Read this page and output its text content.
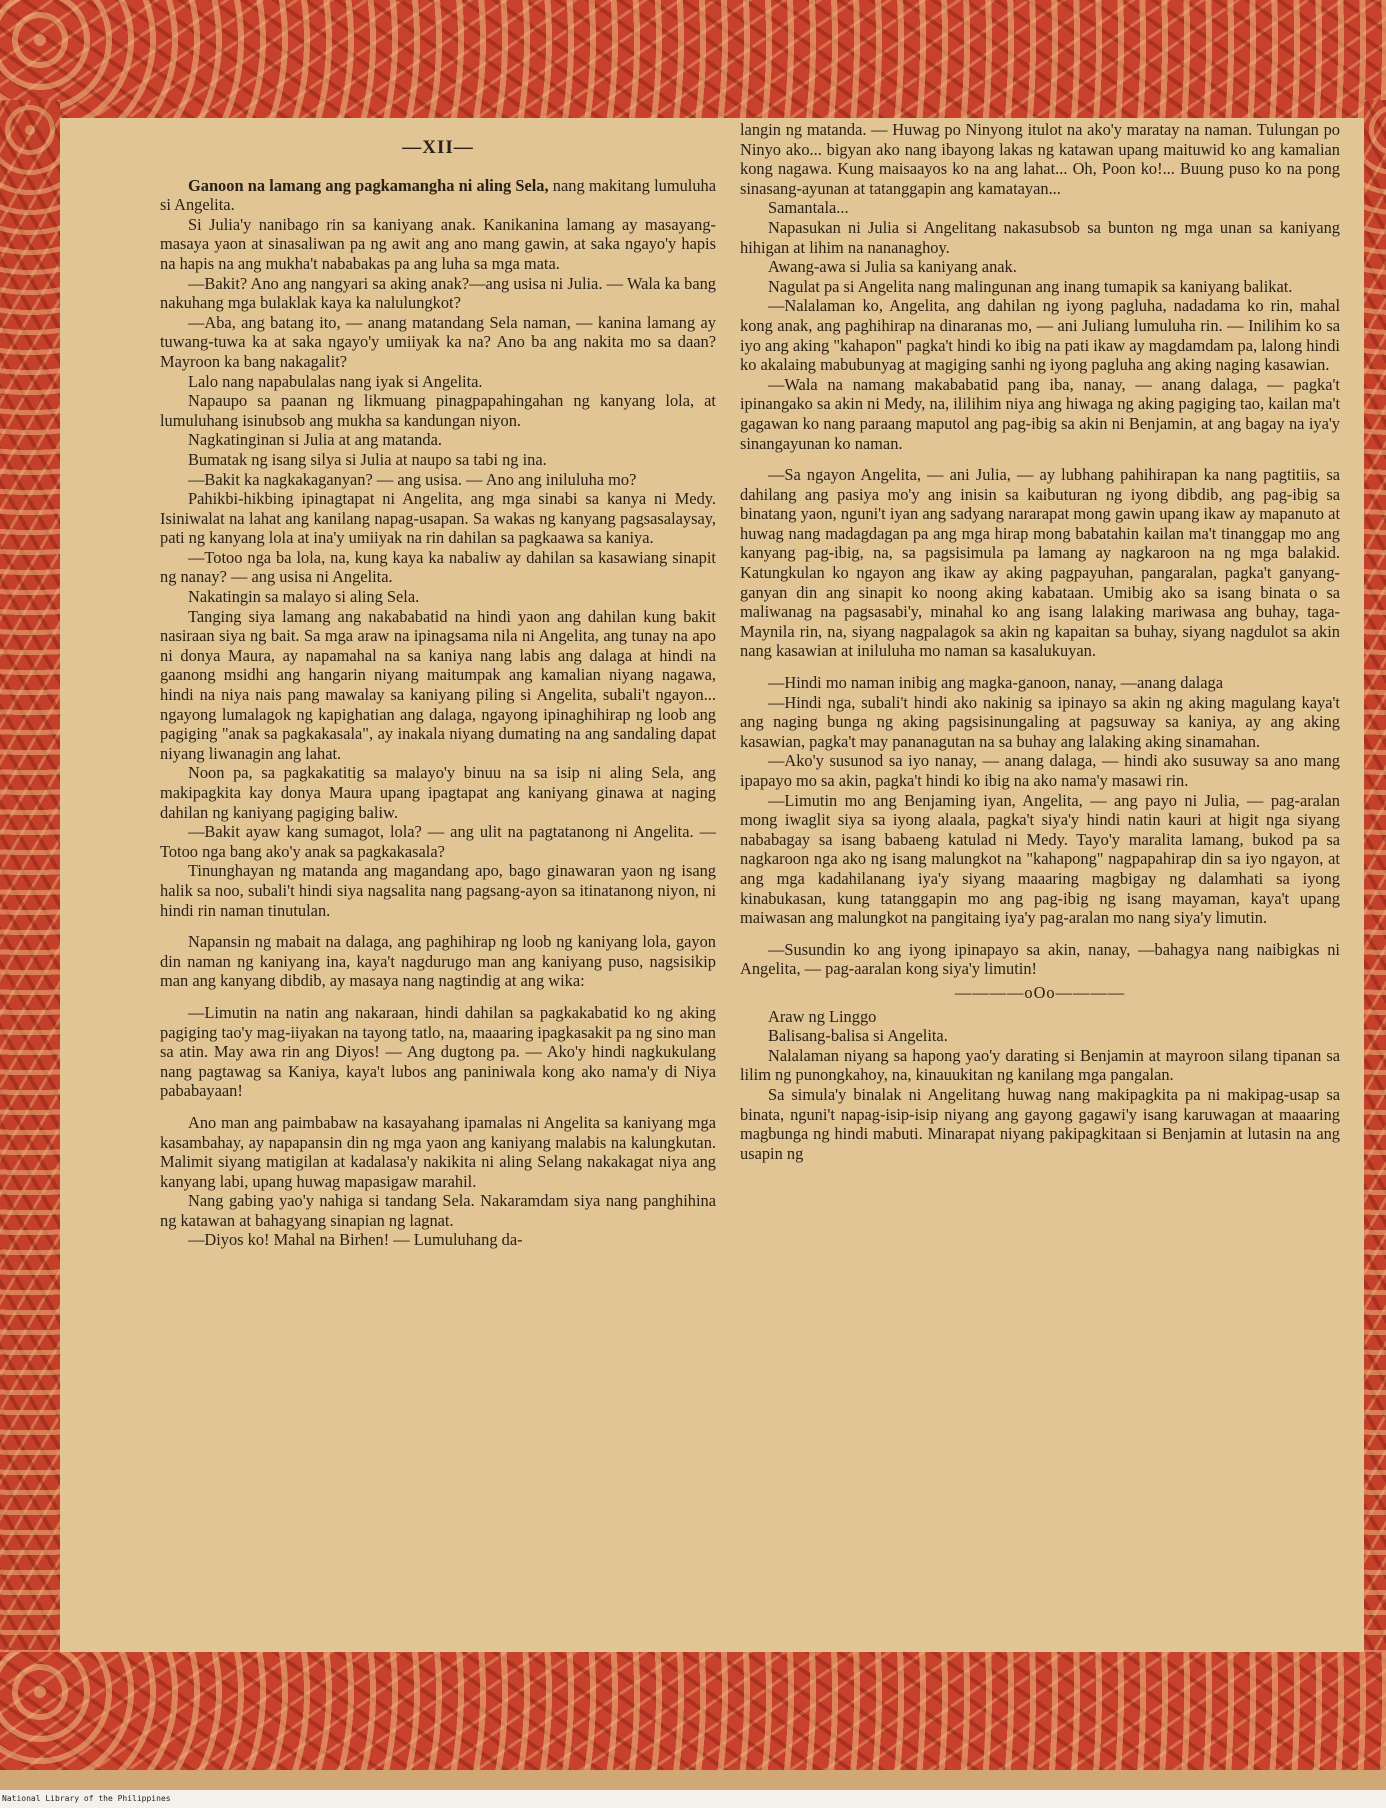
—XII—

Ganoon na lamang ang pagkamangha ni aling Sela, nang makitang lumuluha si Angelita.

Si Julia'y nanibago rin sa kaniyang anak. Kanikanina lamang ay masayang-masaya yaon at sinasaliwan pa ng awit ang ano mang gawin, at saka ngayo'y hapis na hapis na ang mukha't nababakas pa ang luha sa mga mata.

—Bakit? Ano ang nangyari sa aking anak?—ang usisa ni Julia. — Wala ka bang nakuhang mga bulaklak kaya ka nalulungkot?

—Aba, ang batang ito, — anang matandang Sela naman, — kanina lamang ay tuwang-tuwa ka at saka ngayo'y umiiyak ka na? Ano ba ang nakita mo sa daan? Mayroon ka bang nakagalit?

Lalo nang napabulalas nang iyak si Angelita.

Napaupo sa paanan ng likmuang pinagpapahingahan ng kanyang lola, at lumuluhang isinubsob ang mukha sa kandungan niyon.

Nagkatinginan si Julia at ang matanda.

Bumatak ng isang silya si Julia at naupo sa tabi ng ina.

—Bakit ka nagkakaganyan? — ang usisa. — Ano ang iniluluha mo?

Pahikbi-hikbing ipinagtapat ni Angelita, ang mga sinabi sa kanya ni Medy. Isiniwalat na lahat ang kanilang napag-usapan. Sa wakas ng kanyang pagsasalaysay, pati ng kanyang lola at ina'y umiiyak na rin dahilan sa pagkaawa sa kaniya.

—Totoo nga ba lola, na, kung kaya ka nabaliw ay dahilan sa kasawiang sinapit ng nanay? — ang usisa ni Angelita.

Nakatingin sa malayo si aling Sela.

Tanging siya lamang ang nakababatid na hindi yaon ang dahilan kung bakit nasiraan siya ng bait. Sa mga araw na ipinagsama nila ni Angelita, ang tunay na apo ni donya Maura, ay napamahal na sa kaniya nang labis ang dalaga at hindi na gaanong msidhi ang hangarin niyang maitumpak ang kamalian niyang nagawa, hindi na niya nais pang mawalay sa kaniyang piling si Angelita, subali't ngayon... ngayong lumalagok ng kapighatian ang dalaga, ngayong ipinaghihirap ng loob ang pagiging "anak sa pagkakasala", ay inakala niyang dumating na ang sandaling dapat niyang liwanagin ang lahat.

Noon pa, sa pagkakatitig sa malayo'y binuu na sa isip ni aling Sela, ang makipagkita kay donya Maura upang ipagtapat ang kaniyang ginawa at naging dahilan ng kaniyang pagiging baliw.

—Bakit ayaw kang sumagot, lola? — ang ulit na pagtatanong ni Angelita. — Totoo nga bang ako'y anak sa pagkakasala?

Tinunghayan ng matanda ang magandang apo, bago ginawaran yaon ng isang halik sa noo, subali't hindi siya nagsalita nang pagsang-ayon sa itinatanong niyon, ni hindi rin naman tinutulan.

Napansin ng mabait na dalaga, ang paghihirap ng loob ng kaniyang lola, gayon din naman ng kaniyang ina, kaya't nagdurugo man ang kaniyang puso, nagsisikip man ang kanyang dibdib, ay masaya nang nagtindig at ang wika:

—Limutin na natin ang nakaraan, hindi dahilan sa pagkakabatid ko ng aking pagiging tao'y mag-iiyakan na tayong tatlo, na, maaaring ipagkasakit pa ng sino man sa atin. May awa rin ang Diyos! — Ang dugtong pa. — Ako'y hindi nagkukulang nang pagtawag sa Kaniya, kaya't lubos ang paniniwala kong ako nama'y di Niya pababayaan!

Ano man ang paimbabaw na kasayahang ipamalas ni Angelita sa kaniyang mga kasambahay, ay napapansin din ng mga yaon ang kaniyang malabis na kalungkutan. Malimit siyang matigilan at kadalasa'y nakikita ni aling Selang nakakagat niya ang kanyang labi, upang huwag mapasigaw marahil.

Nang gabing yao'y nahiga si tandang Sela. Nakaramdam siya nang panghihina ng katawan at bahagyang sinapian ng lagnat.

—Diyos ko! Mahal na Birhen! — Lumuluhang da-

langin ng matanda. — Huwag po Ninyong itulot na ako'y maratay na naman. Tulungan po Ninyo ako... bigyan ako nang ibayong lakas ng katawan upang maituwid ko ang kamalian kong nagawa. Kung maisaayos ko na ang lahat... Oh, Poon ko!... Buung puso ko na pong sinasang-ayunan at tatanggapin ang kamatayan...

Samantala...

Napasukan ni Julia si Angelitang nakasubsob sa bunton ng mga unan sa kaniyang hihigan at lihim na nananaghoy.

Awang-awa si Julia sa kaniyang anak.

Nagulat pa si Angelita nang malingunan ang inang tumapik sa kaniyang balikat.

—Nalalaman ko, Angelita, ang dahilan ng iyong pagluha, nadadama ko rin, mahal kong anak, ang paghihirap na dinaranas mo, — ani Juliang lumuluha rin. — Inilihim ko sa iyo ang aking "kahapon" pagka't hindi ko ibig na pati ikaw ay magdamdam pa, lalong hindi ko akalaing mabubunyag at magiging sanhi ng iyong pagluha ang aking naging kasawian.

—Wala na namang makababatid pang iba, nanay, — anang dalaga, — pagka't ipinangako sa akin ni Medy, na, ililihim niya ang hiwaga ng aking pagiging tao, kailan ma't gagawan ko nang paraang maputol ang pag-ibig sa akin ni Benjamin, at ang bagay na iya'y sinangayunan ko naman.

—Sa ngayon Angelita, — ani Julia, — ay lubhang pahihirapan ka nang pagtitiis, sa dahilang ang pasiya mo'y ang inisin sa kaibuturan ng iyong dibdib, ang pag-ibig sa binatang yaon, nguni't iyan ang sadyang nararapat mong gawin upang ikaw ay mapanuto at huwag nang madagdagan pa ang mga hirap mong babatahin kailan ma't tinanggap mo ang kanyang pag-ibig, na, sa pagsisimula pa lamang ay nagkaroon na ng mga balakid. Katungkulan ko ngayon ang ikaw ay aking pagpayuhan, pangaralan, pagka't ganyang-ganyan din ang sinapit ko noong aking kabataan. Umibig ako sa isang binata o sa maliwanag na pagsasabi'y, minahal ko ang isang lalaking mariwasa ang buhay, taga-Maynila rin, na, siyang nagpalagok sa akin ng kapaitan sa buhay, siyang nagdulot sa akin nang kasawian at iniluluha mo naman sa kasalukuyan.

—Hindi mo naman inibig ang magka-ganoon, nanay, —anang dalaga

—Hindi nga, subali't hindi ako nakinig sa ipinayo sa akin ng aking magulang kaya't ang naging bunga ng aking pagsisinungaling at pagsuway sa kaniya, ay ang aking kasawian, pagka't may pananagutan na sa buhay ang lalaking aking sinamahan.

—Ako'y susunod sa iyo nanay, — anang dalaga, — hindi ako susuway sa ano mang ipapayo mo sa akin, pagka't hindi ko ibig na ako nama'y masawi rin.

—Limutin mo ang Benjaming iyan, Angelita, — ang payo ni Julia, — pag-aralan mong iwaglit siya sa iyong alaala, pagka't siya'y hindi natin kauri at higit nga siyang nababagay sa isang babaeng katulad ni Medy. Tayo'y maralita lamang, bukod pa sa nagkaroon nga ako ng isang malungkot na "kahapong" nagpapahirap din sa iyo ngayon, at ang mga kadahilanang iya'y siyang maaaring magbigay ng dalamhati sa iyong kinabukasan, kung tatanggapin mo ang pag-ibig ng isang mayaman, kaya't upang maiwasan ang malungkot na pangitaing iya'y pag-aralan mo nang siya'y limutin.

—Susundin ko ang iyong ipinapayo sa akin, nanay, —bahagya nang naibigkas ni Angelita, — pag-aaralan kong siya'y limutin!

————oOo————

Araw ng Linggo

Balisang-balisa si Angelita.

Nalalaman niyang sa hapong yao'y darating si Benjamin at mayroon silang tipanan sa lilim ng punongkahoy, na, kinauukitan ng kanilang mga pangalan.

Sa simula'y binalak ni Angelitang huwag nang makipagkita pa ni makipag-usap sa binata, nguni't napag-isip-isip niyang ang gayong gagawi'y isang karuwagan at maaaring magbunga ng hindi mabuti. Minarapat niyang pakipagkitaan si Benjamin at lutasin na ang usapin ng

National Library of the Philippines
